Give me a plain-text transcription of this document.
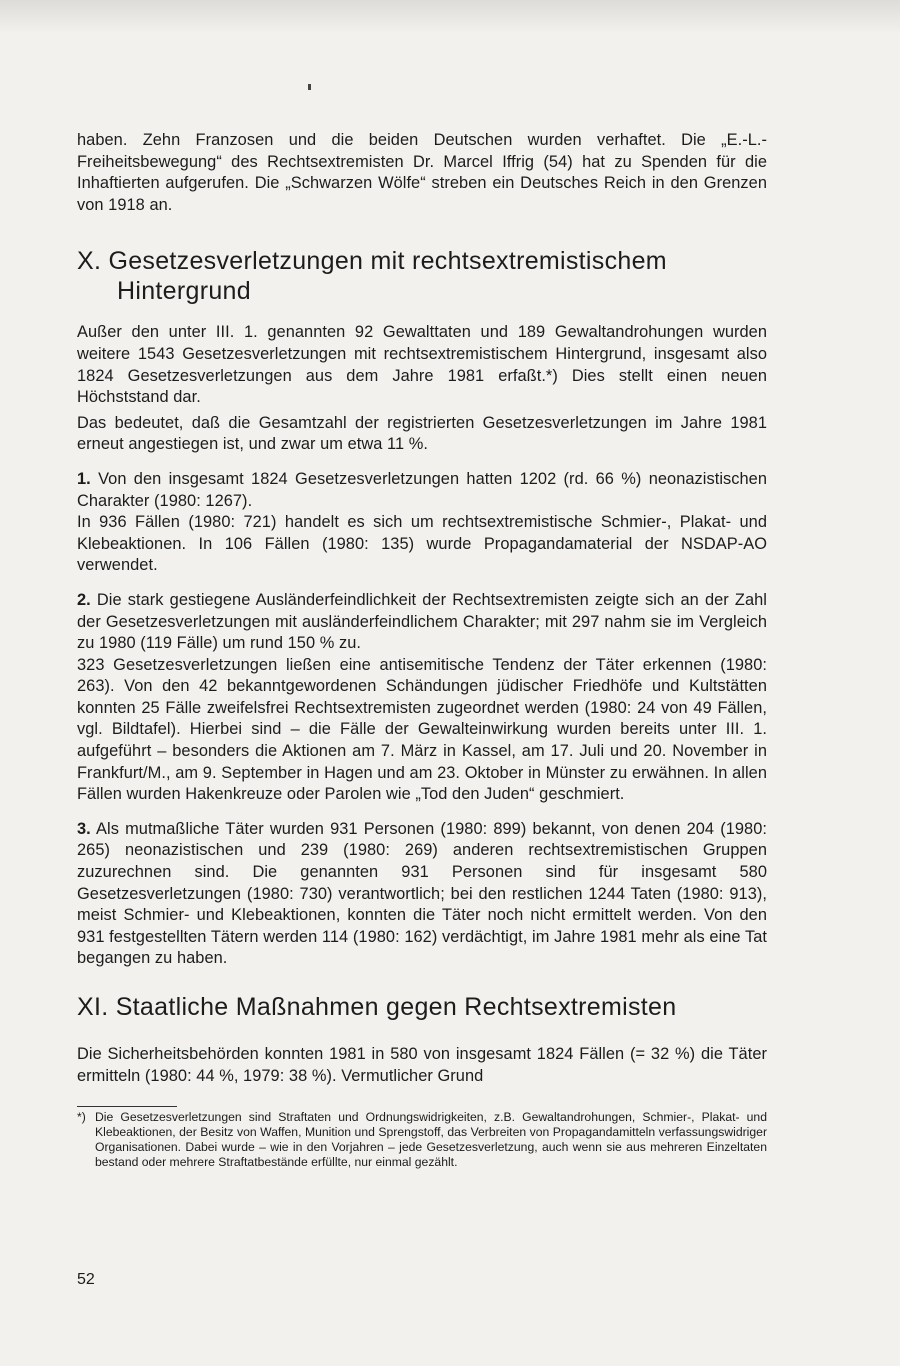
haben. Zehn Franzosen und die beiden Deutschen wurden verhaftet. Die „E.-L.-Freiheitsbewegung“ des Rechtsextremisten Dr. Marcel Iffrig (54) hat zu Spenden für die Inhaftierten aufgerufen. Die „Schwarzen Wölfe“ streben ein Deutsches Reich in den Grenzen von 1918 an.

X. Gesetzesverletzungen mit rechtsextremistischem
Hintergrund

Außer den unter III. 1. genannten 92 Gewalttaten und 189 Gewaltandrohungen wurden weitere 1543 Gesetzesverletzungen mit rechtsextremistischem Hintergrund, insgesamt also 1824 Gesetzesverletzungen aus dem Jahre 1981 erfaßt.*) Dies stellt einen neuen Höchststand dar.

Das bedeutet, daß die Gesamtzahl der registrierten Gesetzesverletzungen im Jahre 1981 erneut angestiegen ist, und zwar um etwa 11 %.

1. Von den insgesamt 1824 Gesetzesverletzungen hatten 1202 (rd. 66 %) neonazistischen Charakter (1980: 1267).

In 936 Fällen (1980: 721) handelt es sich um rechtsextremistische Schmier-, Plakat- und Klebeaktionen. In 106 Fällen (1980: 135) wurde Propagandamaterial der NSDAP-AO verwendet.

2. Die stark gestiegene Ausländerfeindlichkeit der Rechtsextremisten zeigte sich an der Zahl der Gesetzesverletzungen mit ausländerfeindlichem Charakter; mit 297 nahm sie im Vergleich zu 1980 (119 Fälle) um rund 150 % zu.

323 Gesetzesverletzungen ließen eine antisemitische Tendenz der Täter erkennen (1980: 263). Von den 42 bekanntgewordenen Schändungen jüdischer Friedhöfe und Kultstätten konnten 25 Fälle zweifelsfrei Rechtsextremisten zugeordnet werden (1980: 24 von 49 Fällen, vgl. Bildtafel). Hierbei sind – die Fälle der Gewalteinwirkung wurden bereits unter III. 1. aufgeführt – besonders die Aktionen am 7. März in Kassel, am 17. Juli und 20. November in Frankfurt/M., am 9. September in Hagen und am 23. Oktober in Münster zu erwähnen. In allen Fällen wurden Hakenkreuze oder Parolen wie „Tod den Juden“ geschmiert.

3. Als mutmaßliche Täter wurden 931 Personen (1980: 899) bekannt, von denen 204 (1980: 265) neonazistischen und 239 (1980: 269) anderen rechtsextremistischen Gruppen zuzurechnen sind. Die genannten 931 Personen sind für insgesamt 580 Gesetzesverletzungen (1980: 730) verantwortlich; bei den restlichen 1244 Taten (1980: 913), meist Schmier- und Klebeaktionen, konnten die Täter noch nicht ermittelt werden. Von den 931 festgestellten Tätern werden 114 (1980: 162) verdächtigt, im Jahre 1981 mehr als eine Tat begangen zu haben.

XI. Staatliche Maßnahmen gegen Rechtsextremisten

Die Sicherheitsbehörden konnten 1981 in 580 von insgesamt 1824 Fällen (= 32 %) die Täter ermitteln (1980: 44 %, 1979: 38 %). Vermutlicher Grund

*) Die Gesetzesverletzungen sind Straftaten und Ordnungswidrigkeiten, z.B. Gewaltandrohungen, Schmier-, Plakat- und Klebeaktionen, der Besitz von Waffen, Munition und Sprengstoff, das Verbreiten von Propagandamitteln verfassungswidriger Organisationen. Dabei wurde – wie in den Vorjahren – jede Gesetzesverletzung, auch wenn sie aus mehreren Einzeltaten bestand oder mehrere Straftatbestände erfüllte, nur einmal gezählt.
52
